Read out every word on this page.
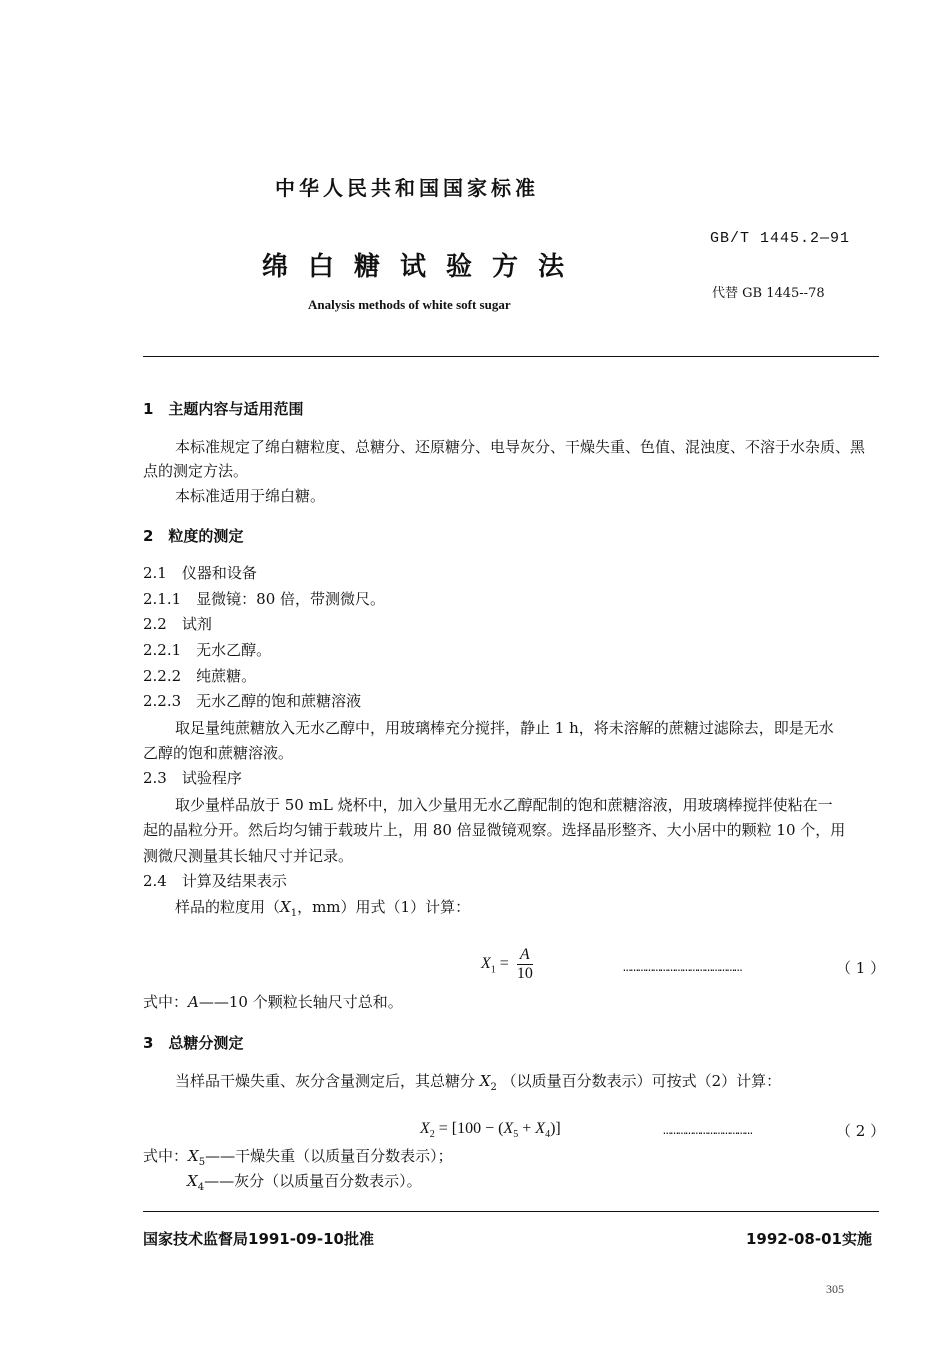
中华人民共和国国家标准
绵白糖试验方法
Analysis methods of white soft sugar
GB/T 1445.2—91
代替 GB 1445--78
1　主题内容与适用范围
本标准规定了绵白糖粒度、总糖分、还原糖分、电导灰分、干燥失重、色值、混浊度、不溶于水杂质、黑
点的测定方法。
本标准适用于绵白糖。
2　粒度的测定
2.1　仪器和设备
2.1.1　显微镜：80 倍，带测微尺。
2.2　试剂
2.2.1　无水乙醇。
2.2.2　纯蔗糖。
2.2.3　无水乙醇的饱和蔗糖溶液
取足量纯蔗糖放入无水乙醇中，用玻璃棒充分搅拌，静止 1 h，将未溶解的蔗糖过滤除去，即是无水
乙醇的饱和蔗糖溶液。
2.3　试验程序
取少量样品放于 50 mL 烧杯中，加入少量用无水乙醇配制的饱和蔗糖溶液，用玻璃棒搅拌使粘在一
起的晶粒分开。然后均匀铺于载玻片上，用 80 倍显微镜观察。选择晶形整齐、大小居中的颗粒 10 个，用
测微尺测量其长轴尺寸并记录。
2.4　计算及结果表示
样品的粒度用（$X_1$，mm）用式（1）计算：
$X_1 = \frac{A}{10}$	…………………………………………	（ 1 ）
式中：A——10 个颗粒长轴尺寸总和。
3　总糖分测定
当样品干燥失重、灰分含量测定后，其总糖分 $X_2$ （以质量百分数表示）可按式（2）计算：
$X_2 = [100 - (X_5 + X_4)]$	………………………………	（ 2 ）
式中：$X_5——$干燥失重（以质量百分数表示）；
$X_4——$灰分（以质量百分数表示）。
国家技术监督局1991-09-10批准	1992-08-01实施
305
